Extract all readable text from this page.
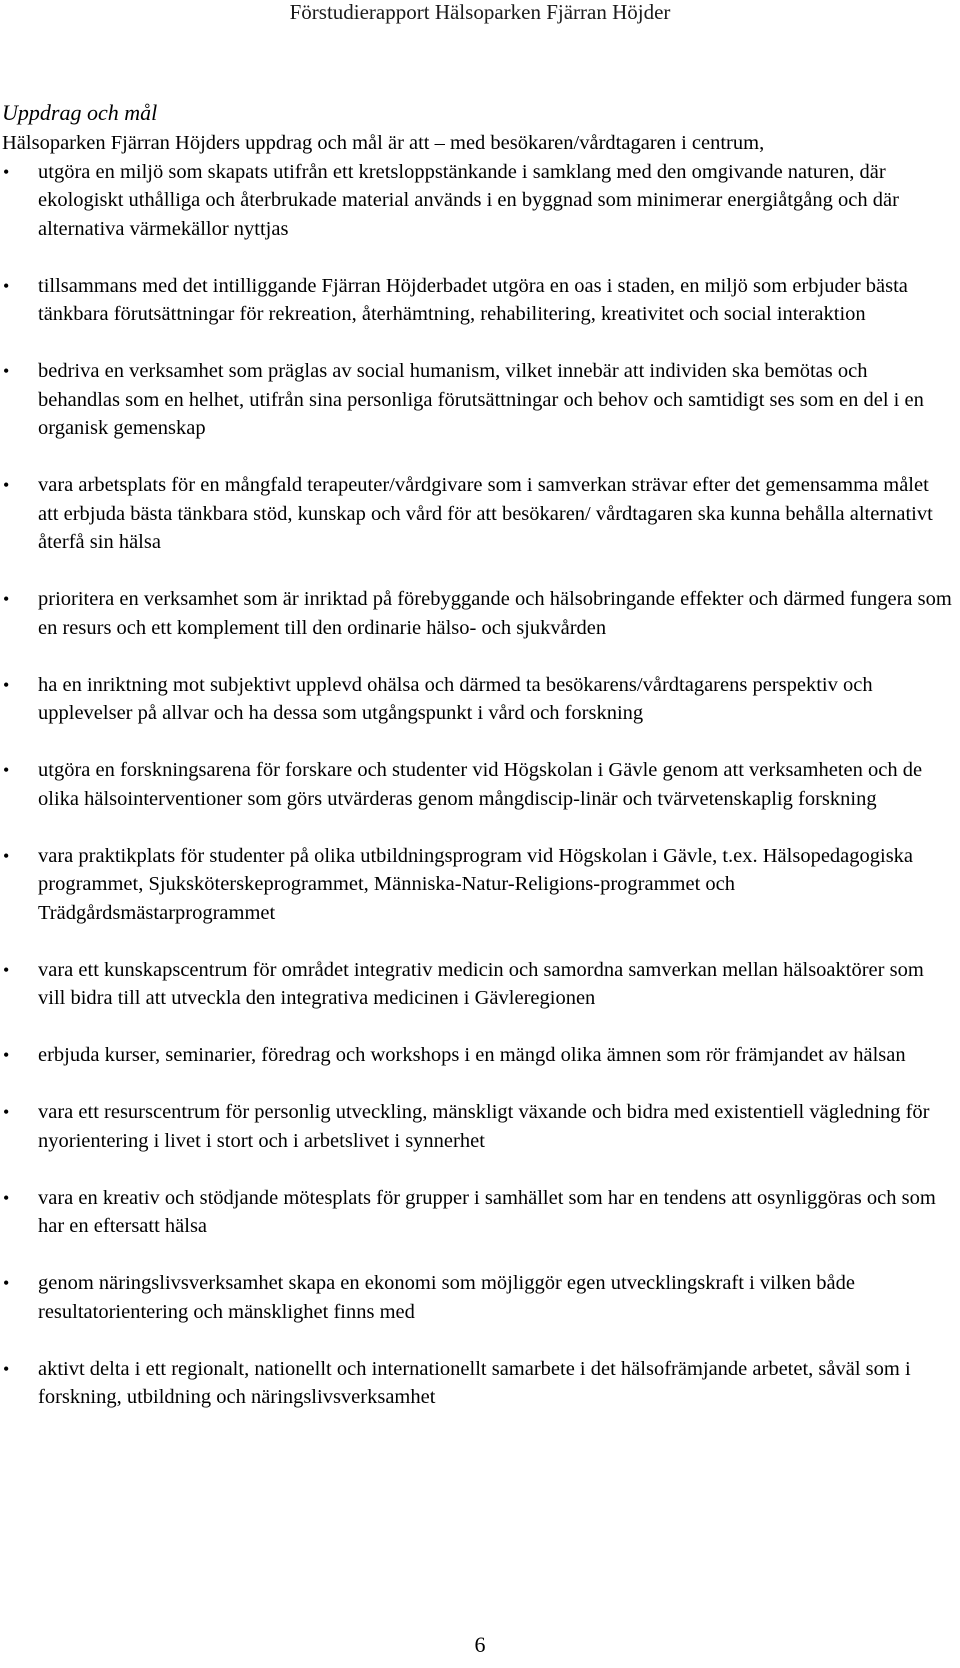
Förstudierapport Hälsoparken Fjärran Höjder
Uppdrag och mål

Hälsoparken Fjärran Höjders uppdrag och mål är att – med besökaren/vårdtagaren i centrum,

•	utgöra en miljö som skapats utifrån ett kretsloppstänkande i samklang med den omgivande naturen, där ekologiskt uthålliga och återbrukade material används i en byggnad som minimerar energiåtgång och där alternativa värmekällor nyttjas
•	tillsammans med det intilliggande Fjärran Höjderbadet utgöra en oas i staden, en miljö som erbjuder bästa tänkbara förutsättningar för rekreation, återhämtning, rehabilitering, kreativitet och social interaktion
•	bedriva en verksamhet som präglas av social humanism, vilket innebär att individen ska bemötas och behandlas som en helhet, utifrån sina personliga förutsättningar och behov och samtidigt ses som en del i en organisk gemenskap
•	vara arbetsplats för en mångfald terapeuter/vårdgivare som i samverkan strävar efter det gemensamma målet att erbjuda bästa tänkbara stöd, kunskap och vård för att besökaren/ vårdtagaren ska kunna behålla alternativt återfå sin hälsa
•	prioritera en verksamhet som är inriktad på förebyggande och hälsobringande effekter och därmed fungera som en resurs och ett komplement till den ordinarie hälso- och sjukvården
•	ha en inriktning mot subjektivt upplevd ohälsa och därmed ta besökarens/vårdtagarens perspektiv och upplevelser på allvar och ha dessa som utgångspunkt i vård och forskning
•	utgöra en forskningsarena för forskare och studenter vid Högskolan i Gävle genom att verksamheten och de olika hälsointerventioner som görs utvärderas genom mångdiscip-linär och tvärvetenskaplig forskning
•	vara praktikplats för studenter på olika utbildningsprogram vid Högskolan i Gävle, t.ex. Hälsopedagogiska programmet, Sjuksköterskeprogrammet, Människa-Natur-Religions-programmet och Trädgårdsmästarprogrammet
•	vara ett kunskapscentrum för området integrativ medicin och samordna samverkan mellan hälsoaktörer som vill bidra till att utveckla den integrativa medicinen i Gävleregionen
•	erbjuda kurser, seminarier, föredrag och workshops i en mängd olika ämnen som rör främjandet av hälsan
•	vara ett resurscentrum för personlig utveckling, mänskligt växande och bidra med existentiell vägledning för nyorientering i livet i stort och i arbetslivet i synnerhet
•	vara en kreativ och stödjande mötesplats för grupper i samhället som har en tendens att osynliggöras och som har en eftersatt hälsa
•	genom näringslivsverksamhet skapa en ekonomi som möjliggör egen utvecklingskraft i vilken både resultatorientering och mänsklighet finns med
•	aktivt delta i ett regionalt, nationellt och internationellt samarbete i det hälsofrämjande arbetet, såväl som i forskning, utbildning och näringslivsverksamhet
6
